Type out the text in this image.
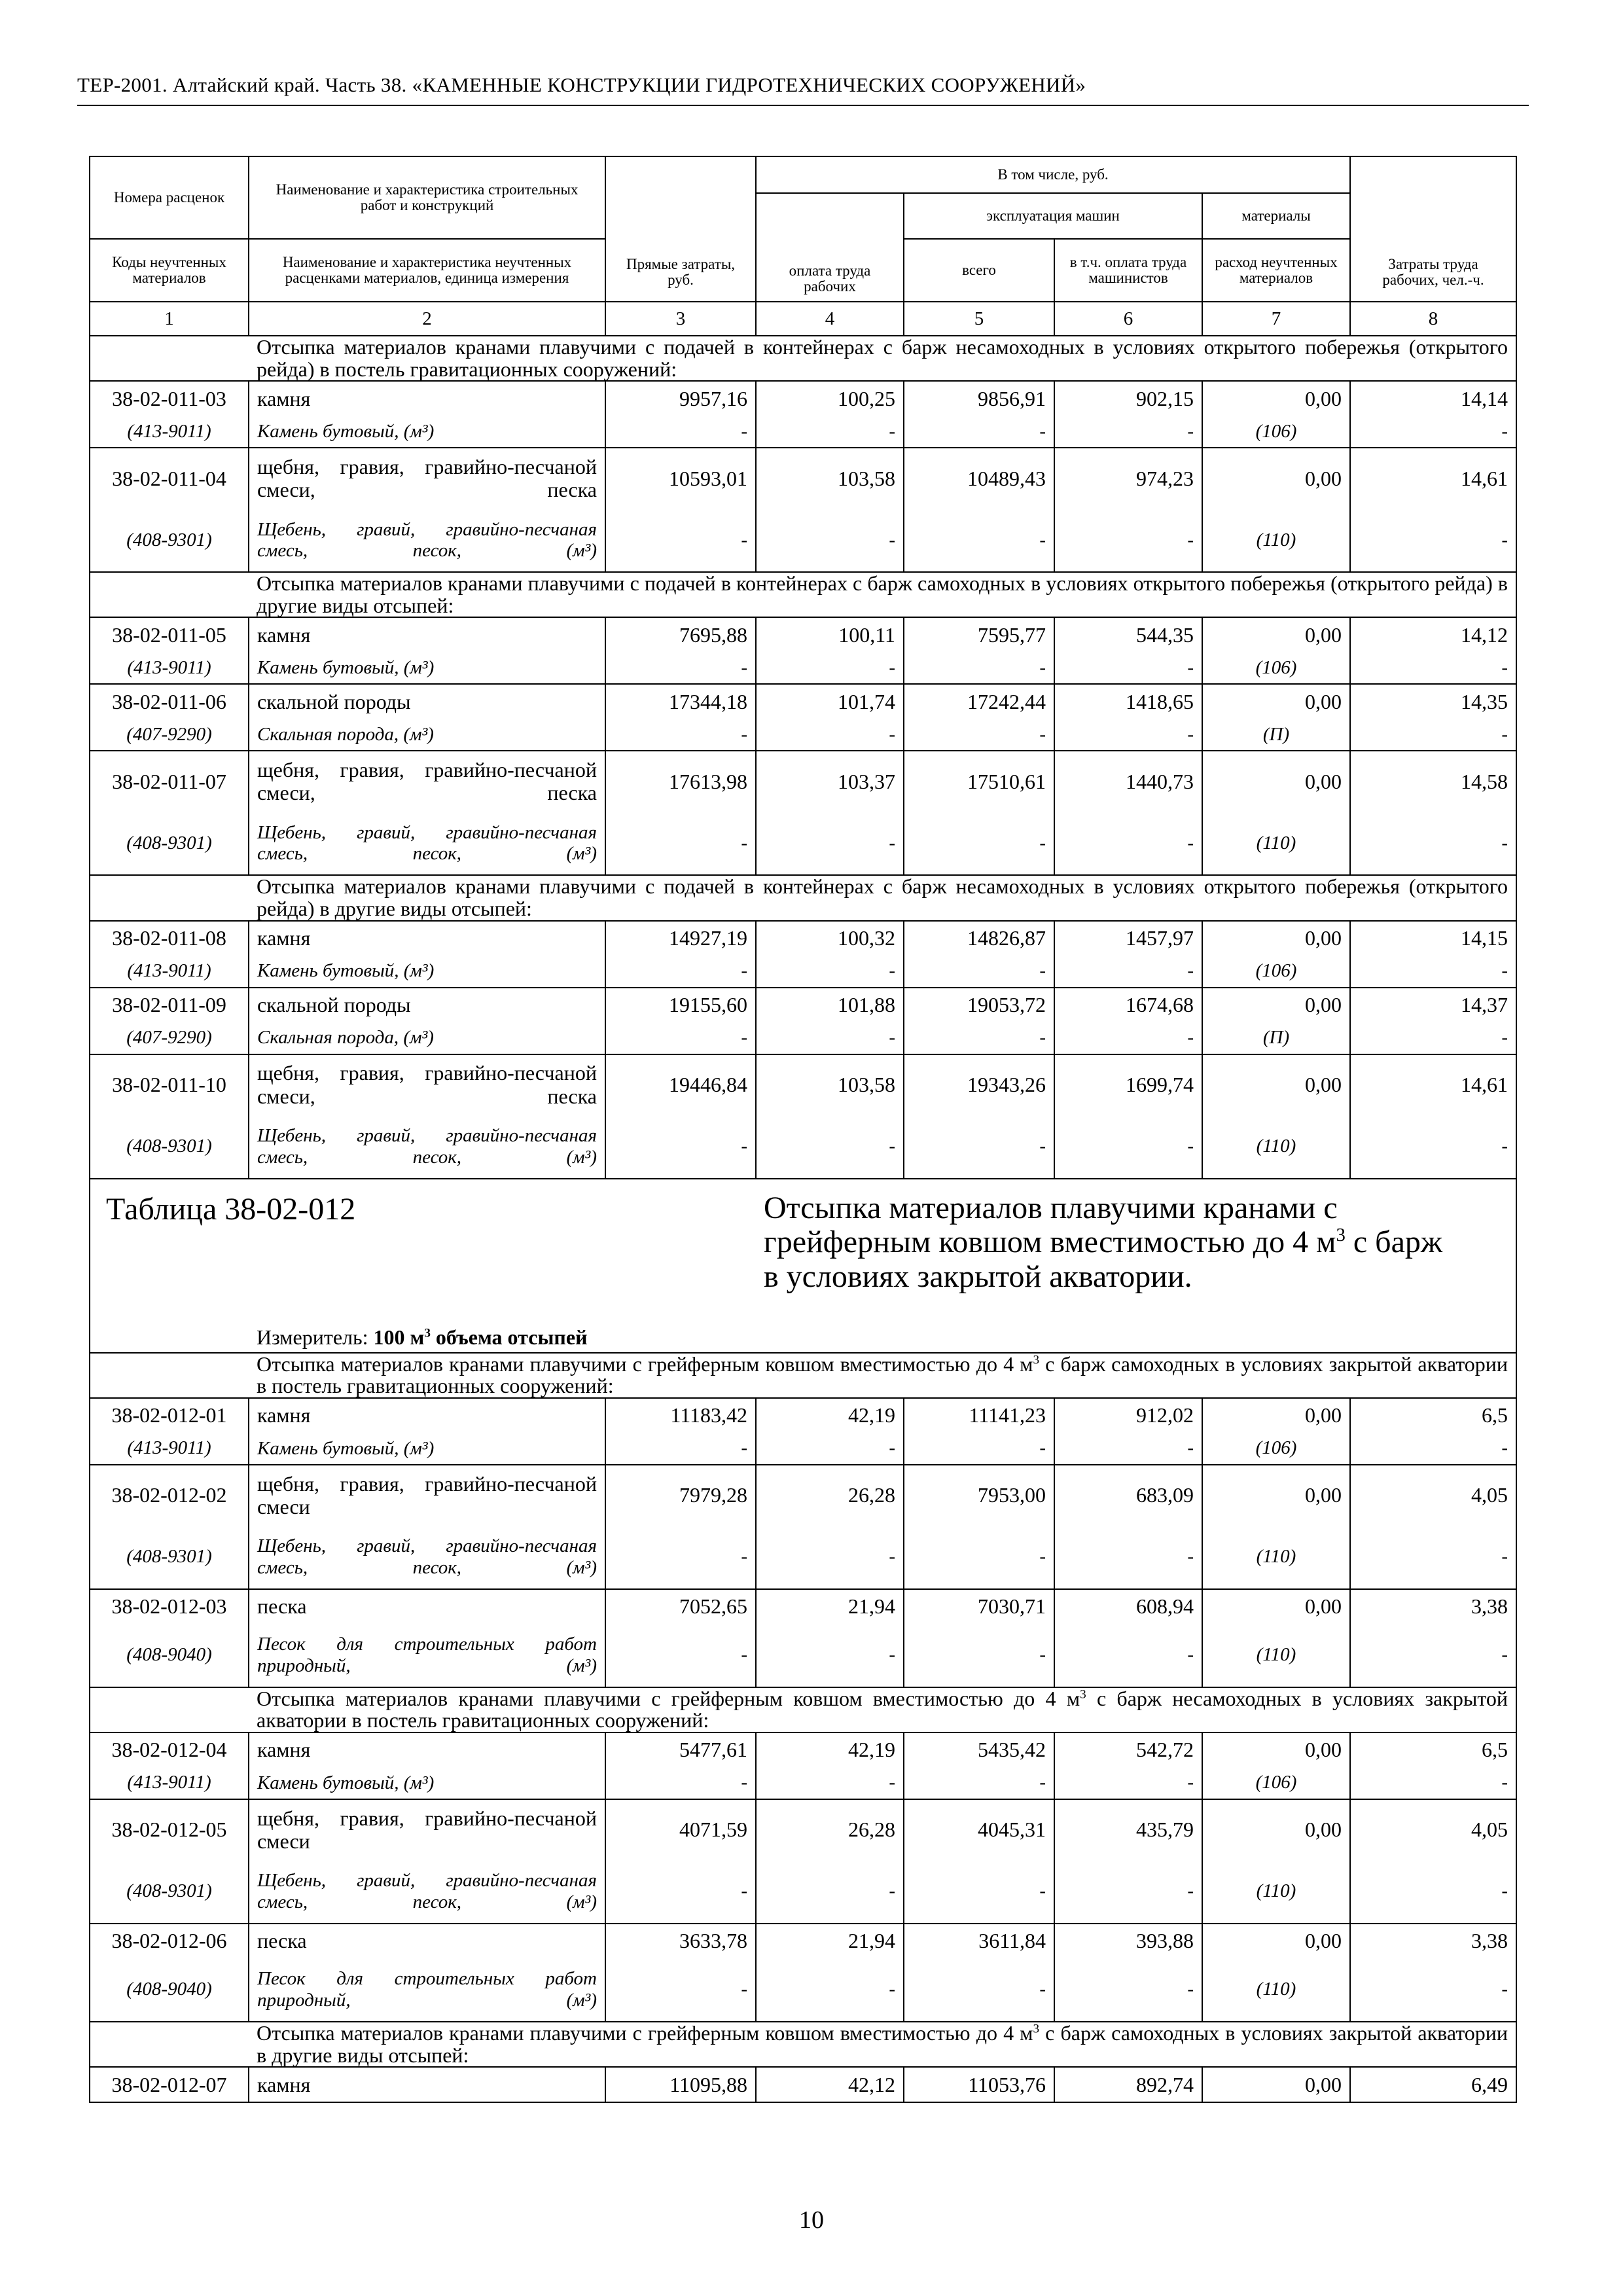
ТЕР-2001. Алтайский край. Часть 38. «КАМЕННЫЕ КОНСТРУКЦИИ ГИДРОТЕХНИЧЕСКИХ СООРУЖЕНИЙ»
Номера расценок	Наименование и характеристика строительных работ и конструкций	Прямые затраты, руб.	В том числе, руб.				Затраты труда рабочих, чел.-ч.
			оплата труда рабочих	эксплуатация машин		материалы	
Коды неучтенных материалов	Наименование и характеристика неучтенных расценками материалов, единица измерения			всего	в т.ч. оплата труда машинистов	расход неучтенных материалов	
1	2	3	4	5	6	7	8
	Отсыпка материалов кранами плавучими с подачей в контейнерах с барж несамоходных в условиях открытого побережья (открытого рейда) в постель гравитационных сооружений:						
38-02-011-03	камня	9957,16	100,25	9856,91	902,15	0,00	14,14
(413-9011)	Камень бутовый, (м³)	-	-	-	-	(106)	-
38-02-011-04	щебня, гравия, гравийно-песчаной смеси, песка	10593,01	103,58	10489,43	974,23	0,00	14,61
(408-9301)	Щебень, гравий, гравийно-песчаная смесь, песок, (м³)	-	-	-	-	(110)	-
	Отсыпка материалов кранами плавучими с подачей в контейнерах с барж самоходных в условиях открытого побережья (открытого рейда) в другие виды отсыпей:						
38-02-011-05	камня	7695,88	100,11	7595,77	544,35	0,00	14,12
(413-9011)	Камень бутовый, (м³)	-	-	-	-	(106)	-
38-02-011-06	скальной породы	17344,18	101,74	17242,44	1418,65	0,00	14,35
(407-9290)	Скальная порода, (м³)	-	-	-	-	(П)	-
38-02-011-07	щебня, гравия, гравийно-песчаной смеси, песка	17613,98	103,37	17510,61	1440,73	0,00	14,58
(408-9301)	Щебень, гравий, гравийно-песчаная смесь, песок, (м³)	-	-	-	-	(110)	-
	Отсыпка материалов кранами плавучими с подачей в контейнерах с барж несамоходных в условиях открытого побережья (открытого рейда) в другие виды отсыпей:						
38-02-011-08	камня	14927,19	100,32	14826,87	1457,97	0,00	14,15
(413-9011)	Камень бутовый, (м³)	-	-	-	-	(106)	-
38-02-011-09	скальной породы	19155,60	101,88	19053,72	1674,68	0,00	14,37
(407-9290)	Скальная порода, (м³)	-	-	-	-	(П)	-
38-02-011-10	щебня, гравия, гравийно-песчаной смеси, песка	19446,84	103,58	19343,26	1699,74	0,00	14,61
(408-9301)	Щебень, гравий, гравийно-песчаная смесь, песок, (м³)	-	-	-	-	(110)	-
Таблица 38-02-012			Отсыпка материалов плавучими кранами с грейферным ковшом вместимостью до 4 $м^3$ с барж в условиях закрытой акватории.				
	Измеритель: 100 $м^3$ объема отсыпей						
	Отсыпка материалов кранами плавучими с грейферным ковшом вместимостью до 4 $м^3$ с барж самоходных в условиях закрытой акватории в постель гравитационных сооружений:						
38-02-012-01	камня	11183,42	42,19	11141,23	912,02	0,00	6,5
(413-9011)	Камень бутовый, (м³)	-	-	-	-	(106)	-
38-02-012-02	щебня, гравия, гравийно-песчаной смеси	7979,28	26,28	7953,00	683,09	0,00	4,05
(408-9301)	Щебень, гравий, гравийно-песчаная смесь, песок, (м³)	-	-	-	-	(110)	-
38-02-012-03	песка	7052,65	21,94	7030,71	608,94	0,00	3,38
(408-9040)	Песок для строительных работ природный, (м³)	-	-	-	-	(110)	-
	Отсыпка материалов кранами плавучими с грейферным ковшом вместимостью до 4 $м^3$ с барж несамоходных в условиях закрытой акватории в постель гравитационных сооружений:						
38-02-012-04	камня	5477,61	42,19	5435,42	542,72	0,00	6,5
(413-9011)	Камень бутовый, (м³)	-	-	-	-	(106)	-
38-02-012-05	щебня, гравия, гравийно-песчаной смеси	4071,59	26,28	4045,31	435,79	0,00	4,05
(408-9301)	Щебень, гравий, гравийно-песчаная смесь, песок, (м³)	-	-	-	-	(110)	-
38-02-012-06	песка	3633,78	21,94	3611,84	393,88	0,00	3,38
(408-9040)	Песок для строительных работ природный, (м³)	-	-	-	-	(110)	-
	Отсыпка материалов кранами плавучими с грейферным ковшом вместимостью до 4 $м^3$ с барж самоходных в условиях закрытой акватории в другие виды отсыпей:						
38-02-012-07	камня	11095,88	42,12	11053,76	892,74	0,00	6,49
10
